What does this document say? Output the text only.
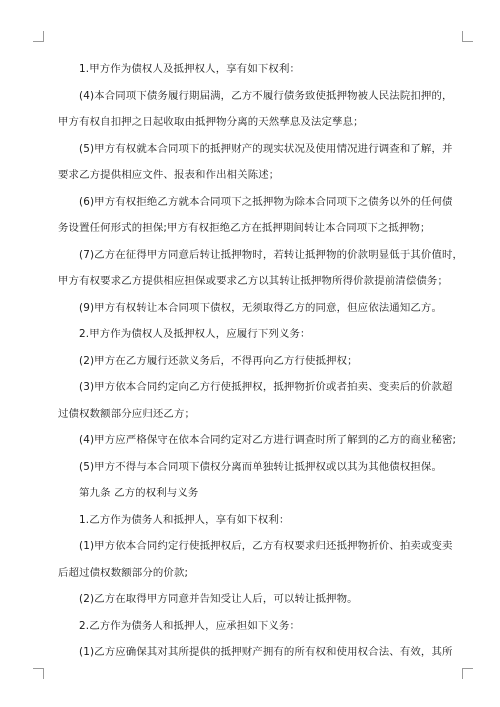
1.甲方作为债权人及抵押权人，享有如下权利：
(4)本合同项下债务履行期届满，乙方不履行债务致使抵押物被人民法院扣押的，
甲方有权自扣押之日起收取由抵押物分离的天然孳息及法定孳息；
(5)甲方有权就本合同项下的抵押财产的现实状况及使用情况进行调查和了解，并
要求乙方提供相应文件、报表和作出相关陈述；
(6)甲方有权拒绝乙方就本合同项下之抵押物为除本合同项下之债务以外的任何债
务设置任何形式的担保;甲方有权拒绝乙方在抵押期间转让本合同项下之抵押物；
(7)乙方在征得甲方同意后转让抵押物时，若转让抵押物的价款明显低于其价值时，
甲方有权要求乙方提供相应担保或要求乙方以其转让抵押物所得价款提前清偿债务；
(9)甲方有权转让本合同项下债权，无须取得乙方的同意，但应依法通知乙方。
2.甲方作为债权人及抵押权人，应履行下列义务：
(2)甲方在乙方履行还款义务后，不得再向乙方行使抵押权；
(3)甲方依本合同约定向乙方行使抵押权，抵押物折价或者拍卖、变卖后的价款超
过债权数额部分应归还乙方；
(4)甲方应严格保守在依本合同约定对乙方进行调查时所了解到的乙方的商业秘密;
(5)甲方不得与本合同项下债权分离而单独转让抵押权或以其为其他债权担保。
第九条 乙方的权利与义务
1.乙方作为债务人和抵押人，享有如下权利：
(1)甲方依本合同约定行使抵押权后，乙方有权要求归还抵押物折价、拍卖或变卖
后超过债权数额部分的价款;
(2)乙方在取得甲方同意并告知受让人后，可以转让抵押物。
2.乙方作为债务人和抵押人，应承担如下义务：
(1)乙方应确保其对其所提供的抵押财产拥有的所有权和使用权合法、有效，其所
